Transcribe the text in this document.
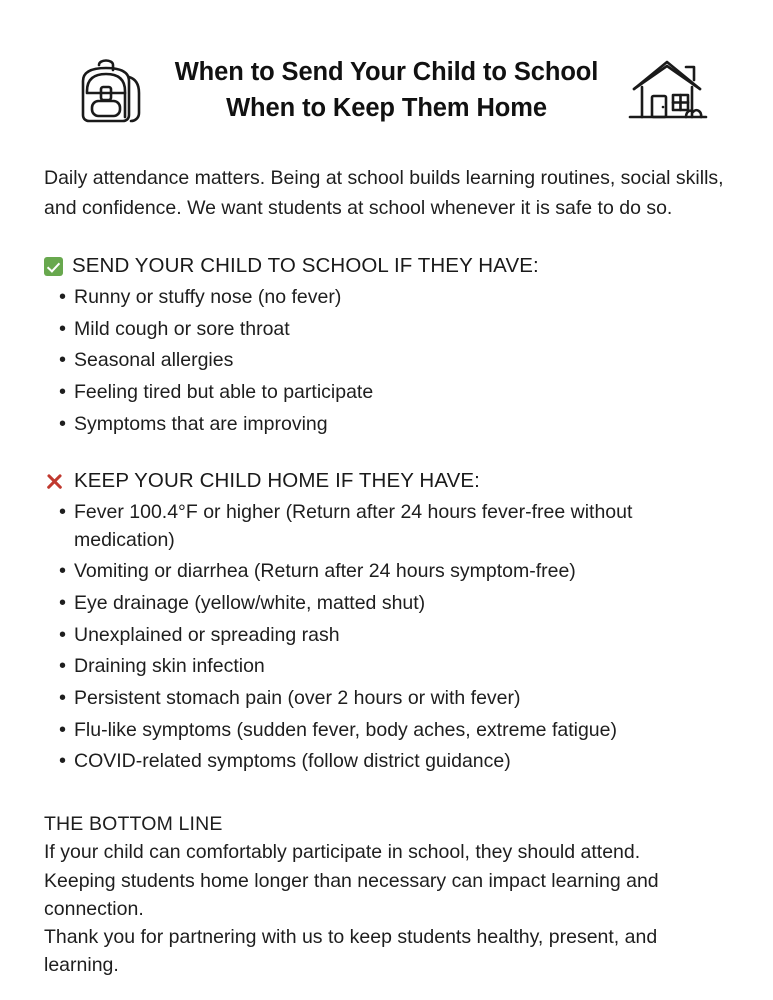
When to Send Your Child to School
When to Keep Them Home

Daily attendance matters. Being at school builds learning routines, social skills, and confidence. We want students at school whenever it is safe to do so.

SEND YOUR CHILD TO SCHOOL IF THEY HAVE:
• Runny or stuffy nose (no fever)
• Mild cough or sore throat
• Seasonal allergies
• Feeling tired but able to participate
• Symptoms that are improving
KEEP YOUR CHILD HOME IF THEY HAVE:
• Fever 100.4°F or higher (Return after 24 hours fever-free without medication)
• Vomiting or diarrhea (Return after 24 hours symptom-free)
• Eye drainage (yellow/white, matted shut)
• Unexplained or spreading rash
• Draining skin infection
• Persistent stomach pain (over 2 hours or with fever)
• Flu-like symptoms (sudden fever, body aches, extreme fatigue)
• COVID-related symptoms (follow district guidance)
THE BOTTOM LINE
If your child can comfortably participate in school, they should attend.
Keeping students home longer than necessary can impact learning and connection.
Thank you for partnering with us to keep students healthy, present, and learning.
